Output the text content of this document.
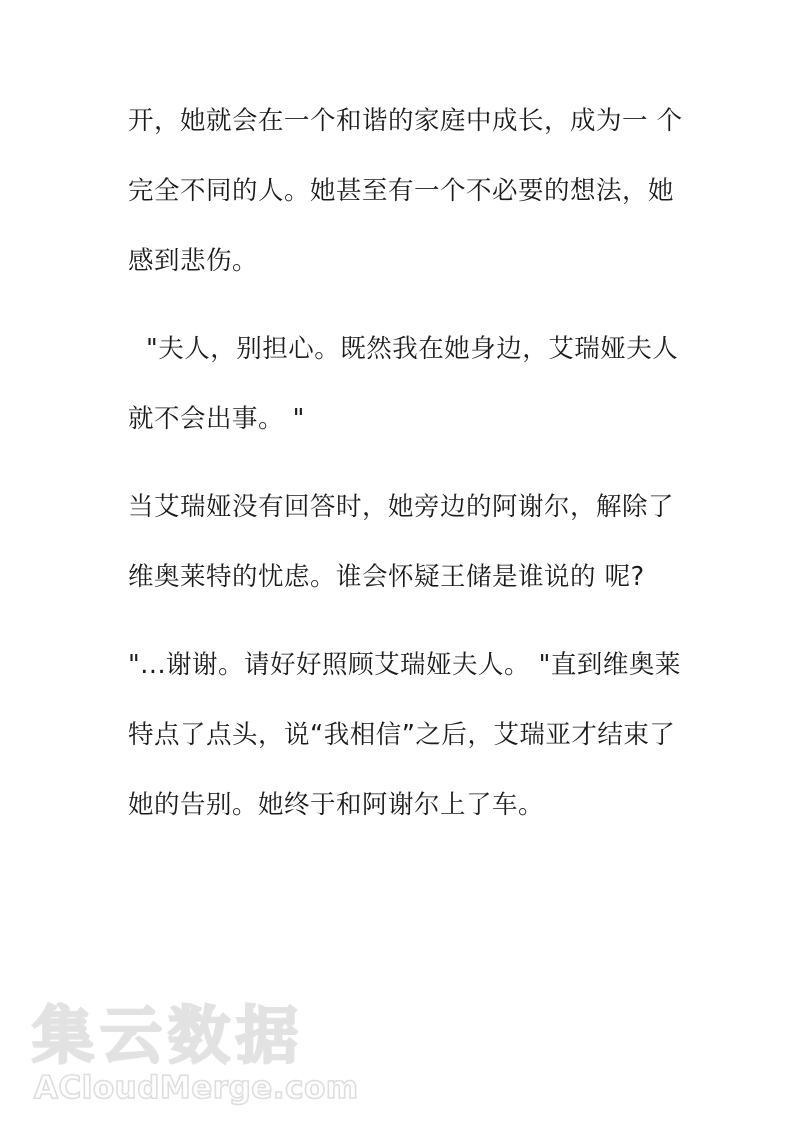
开，她就会在一个和谐的家庭中成长，成为一 个完全不同的人。她甚至有一个不必要的想法，她感到悲伤。

"夫人，别担心。既然我在她身边，艾瑞娅夫人就不会出事。 "

当艾瑞娅没有回答时，她旁边的阿谢尔，解除了维奥莱特的忧虑。谁会怀疑王储是谁说的 呢?

"...谢谢。请好好照顾艾瑞娅夫人。 "直到维奥莱特点了点头，说“我相信”之后，艾瑞亚才结束了她的告别。她终于和阿谢尔上了车。

集云数据
ACloudMerge.com
